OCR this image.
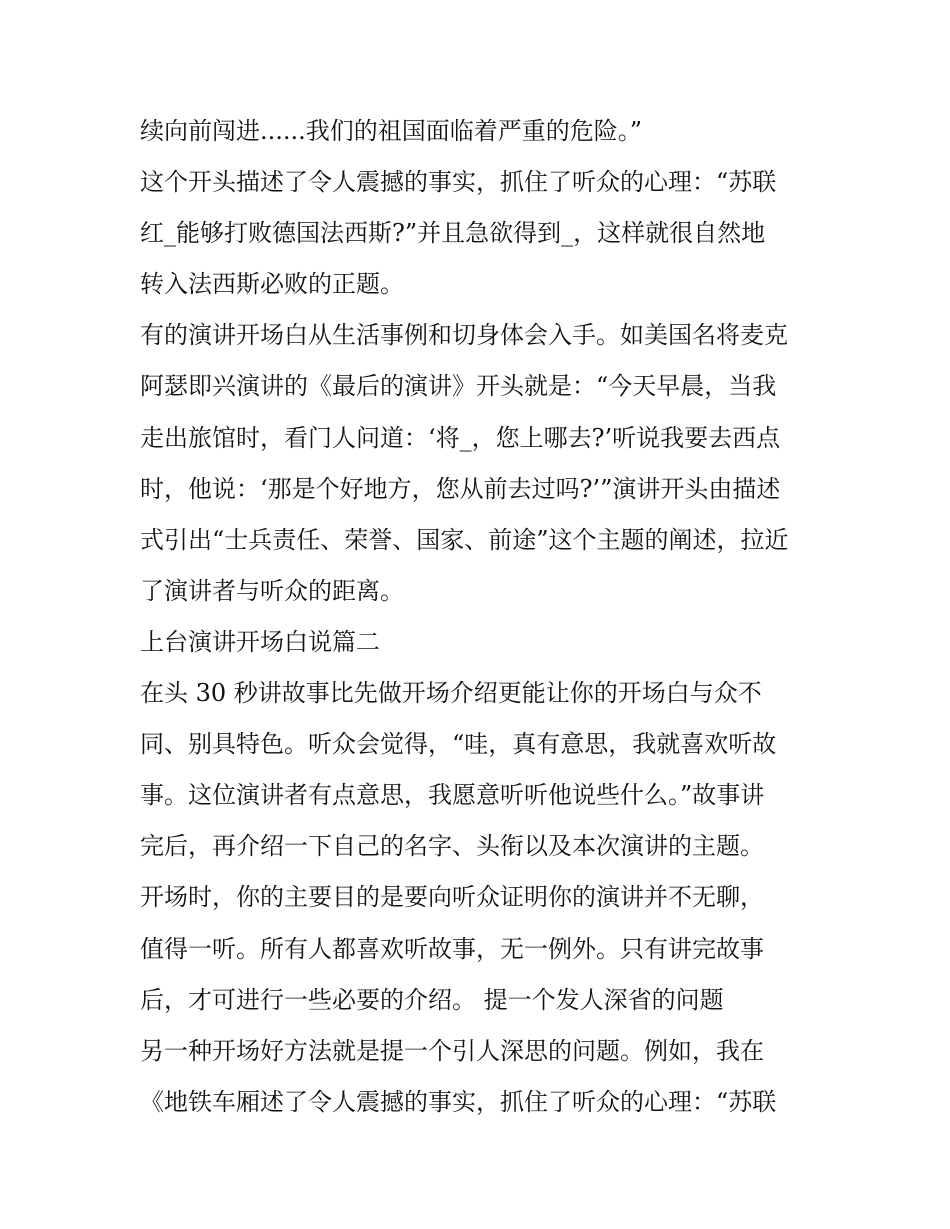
续向前闯进......我们的祖国面临着严重的危险。”
这个开头描述了令人震撼的事实，抓住了听众的心理：“苏联
红_能够打败德国法西斯?”并且急欲得到_，这样就很自然地
转入法西斯必败的正题。
有的演讲开场白从生活事例和切身体会入手。如美国名将麦克
阿瑟即兴演讲的《最后的演讲》开头就是：“今天早晨，当我
走出旅馆时，看门人问道：‘将_，您上哪去?’听说我要去西点
时，他说：‘那是个好地方，您从前去过吗?’”演讲开头由描述
式引出“士兵责任、荣誉、国家、前途”这个主题的阐述，拉近
了演讲者与听众的距离。
上台演讲开场白说篇二
在头 30 秒讲故事比先做开场介绍更能让你的开场白与众不
同、别具特色。听众会觉得，“哇，真有意思，我就喜欢听故
事。这位演讲者有点意思，我愿意听听他说些什么。”故事讲
完后，再介绍一下自己的名字、头衔以及本次演讲的主题。
开场时，你的主要目的是要向听众证明你的演讲并不无聊，
值得一听。所有人都喜欢听故事，无一例外。只有讲完故事
后，才可进行一些必要的介绍。 提一个发人深省的问题
另一种开场好方法就是提一个引人深思的问题。例如，我在
《地铁车厢述了令人震撼的事实，抓住了听众的心理：“苏联
